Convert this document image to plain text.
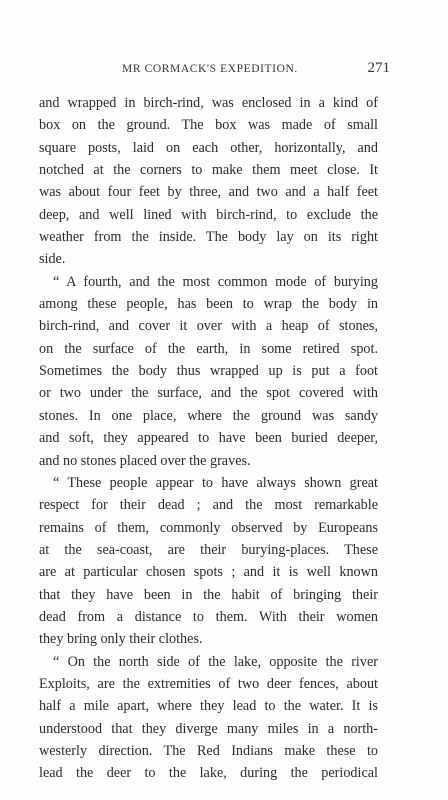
MR CORMACK'S EXPEDITION.	271
and wrapped in birch-rind, was enclosed in a kind of
box on the ground. The box was made of small
square posts, laid on each other, horizontally, and
notched at the corners to make them meet close. It
was about four feet by three, and two and a half feet
deep, and well lined with birch-rind, to exclude the
weather from the inside. The body lay on its right
side.
“ A fourth, and the most common mode of burying
among these people, has been to wrap the body in
birch-rind, and cover it over with a heap of stones,
on the surface of the earth, in some retired spot.
Sometimes the body thus wrapped up is put a foot
or two under the surface, and the spot covered with
stones. In one place, where the ground was sandy
and soft, they appeared to have been buried deeper,
and no stones placed over the graves.
“ These people appear to have always shown great
respect for their dead ; and the most remarkable
remains of them, commonly observed by Europeans
at the sea-coast, are their burying-places. These
are at particular chosen spots ; and it is well known
that they have been in the habit of bringing their
dead from a distance to them. With their women
they bring only their clothes.
“ On the north side of the lake, opposite the river
Exploits, are the extremities of two deer fences, about
half a mile apart, where they lead to the water. It is
understood that they diverge many miles in a north-
westerly direction. The Red Indians make these to
lead the deer to the lake, during the periodical
